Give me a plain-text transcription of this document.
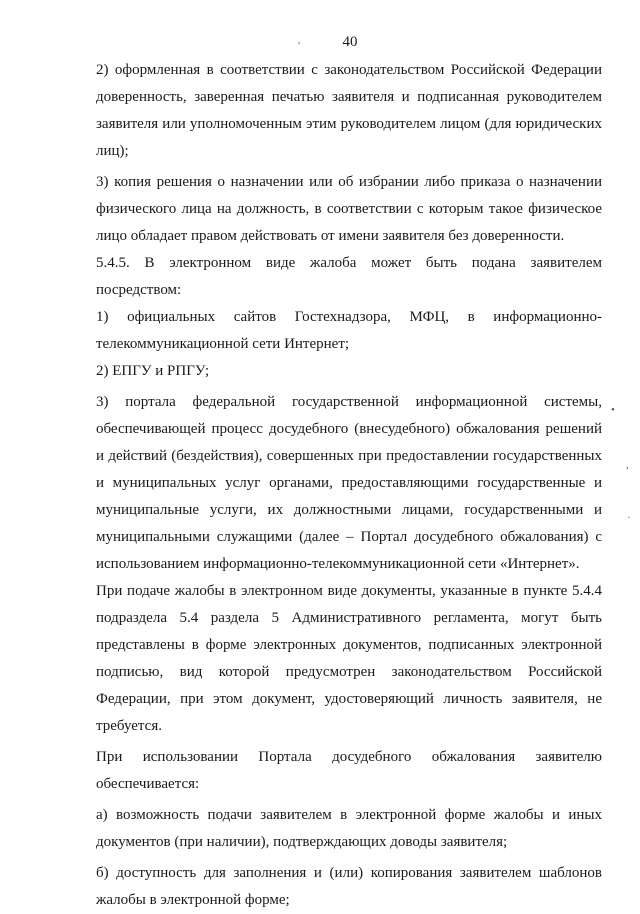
40

2) оформленная в соответствии с законодательством Российской Федерации доверенность, заверенная печатью заявителя и подписанная руководителем заявителя или уполномоченным этим руководителем лицом (для юридических лиц);

3) копия решения о назначении или об избрании либо приказа о назначении физического лица на должность, в соответствии с которым такое физическое лицо обладает правом действовать от имени заявителя без доверенности.

5.4.5. В электронном виде жалоба может быть подана заявителем посредством:

1) официальных сайтов Гостехнадзора, МФЦ, в информационно-телекоммуникационной сети Интернет;

2) ЕПГУ и РПГУ;

3) портала федеральной государственной информационной системы, обеспечивающей процесс досудебного (внесудебного) обжалования решений и действий (бездействия), совершенных при предоставлении государственных и муниципальных услуг органами, предоставляющими государственные и муниципальные услуги, их должностными лицами, государственными и муниципальными служащими (далее – Портал досудебного обжалования) с использованием информационно-телекоммуникационной сети «Интернет».

При подаче жалобы в электронном виде документы, указанные в пункте 5.4.4 подраздела 5.4 раздела 5 Административного регламента, могут быть представлены в форме электронных документов, подписанных электронной подписью, вид которой предусмотрен законодательством Российской Федерации, при этом документ, удостоверяющий личность заявителя, не требуется.

При использовании Портала досудебного обжалования заявителю обеспечивается:

а) возможность подачи заявителем в электронной форме жалобы и иных документов (при наличии), подтверждающих доводы заявителя;

б) доступность для заполнения и (или) копирования заявителем шаблонов жалобы в электронной форме;

'
•
,
·
